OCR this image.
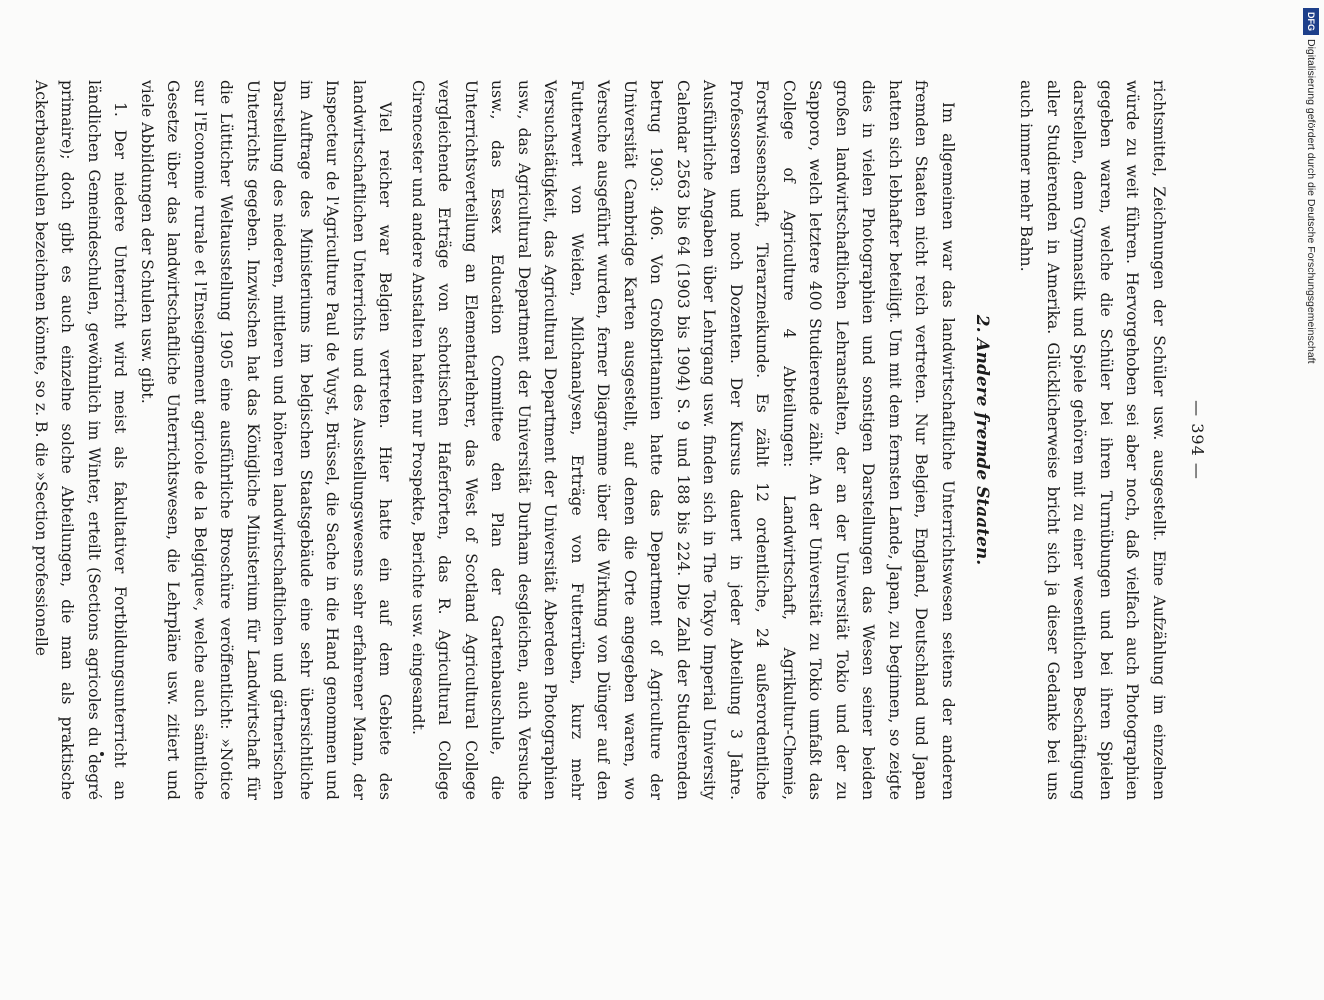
DFG
Digitalisierung gefördert durch die Deutsche Forschungsgemeinschaft
— 394 —

richtsmittel, Zeichnungen der Schüler usw. ausgestellt. Eine Aufzählung im einzelnen würde zu weit führen. Hervorgehoben sei aber noch, daß vielfach auch Photographien gegeben waren, welche die Schüler bei ihren Turnübungen und bei ihren Spielen darstellen, denn Gymnastik und Spiele gehören mit zu einer wesentlichen Beschäftigung aller Studierenden in Amerika. Glücklicherweise bricht sich ja dieser Gedanke bei uns auch immer mehr Bahn.

2. Andere fremde Staaten.

Im allgemeinen war das landwirtschaftliche Unterrichtswesen seitens der anderen fremden Staaten nicht reich vertreten. Nur Belgien, England, Deutschland und Japan hatten sich lebhafter beteiligt. Um mit dem fernsten Lande, Japan, zu beginnen, so zeigte dies in vielen Photographien und sonstigen Darstellungen das Wesen seiner beiden großen landwirtschaftlichen Lehranstalten, der an der Universität Tokio und der zu Sapporo, welch letztere 400 Studierende zählt. An der Universität zu Tokio umfaßt das College of Agriculture 4 Abteilungen: Landwirtschaft, Agrikultur-Chemie, Forstwissenschaft, Tierarzneikunde. Es zählt 12 ordentliche, 24 außerordentliche Professoren und noch Dozenten. Der Kursus dauert in jeder Abteilung 3 Jahre. Ausführliche Angaben über Lehrgang usw. finden sich in The Tokyo Imperial University Calendar 2563 bis 64 (1903 bis 1904) S. 9 und 188 bis 224. Die Zahl der Studierenden betrug 1903: 406. Von Großbritannien hatte das Department of Agriculture der Universität Cambridge Karten ausgestellt, auf denen die Orte angegeben waren, wo Versuche ausgeführt wurden, ferner Diagramme über die Wirkung von Dünger auf den Futterwert von Weiden, Milchanalysen, Erträge von Futterrüben, kurz mehr Versuchstätigkeit, das Agricultural Department der Universität Aberdeen Photographien usw., das Agricultural Department der Universität Durham desgleichen, auch Versuche usw., das Essex Education Committee den Plan der Gartenbauschule, die Unterrichtsverteilung an Elementarlehrer, das West of Scotland Agricultural College vergleichende Erträge von schottischen Haferforten, das R. Agricultural College Cirencester und andere Anstalten hatten nur Prospekte, Berichte usw. eingesandt.

Viel reicher war Belgien vertreten. Hier hatte ein auf dem Gebiete des landwirtschaftlichen Unterrichts und des Ausstellungswesens sehr erfahrener Mann, der Inspecteur de l'Agriculture Paul de Vuyst, Brüssel, die Sache in die Hand genommen und im Auftrage des Ministeriums im belgischen Staatsgebäude eine sehr übersichtliche Darstellung des niederen, mittleren und höheren landwirtschaftlichen und gärtnerischen Unterrichts gegeben. Inzwischen hat das Königliche Ministerium für Landwirtschaft für die Lütticher Weltausstellung 1905 eine ausführliche Broschüre veröffentlicht: »Notice sur l'Economie rurale et l'Enseignement agricole de la Belgique«, welche auch sämtliche Gesetze über das landwirtschaftliche Unterrichtswesen, die Lehrpläne usw. zitiert und viele Abbildungen der Schulen usw. gibt.

1. Der niedere Unterricht wird meist als fakultativer Fortbildungsunterricht an ländlichen Gemeindeschulen, gewöhnlich im Winter, erteilt (Sections agricoles du degré primaire); doch gibt es auch einzelne solche Abteilungen, die man als praktische Ackerbauschulen bezeichnen könnte, so z. B. die »Section professionelle
